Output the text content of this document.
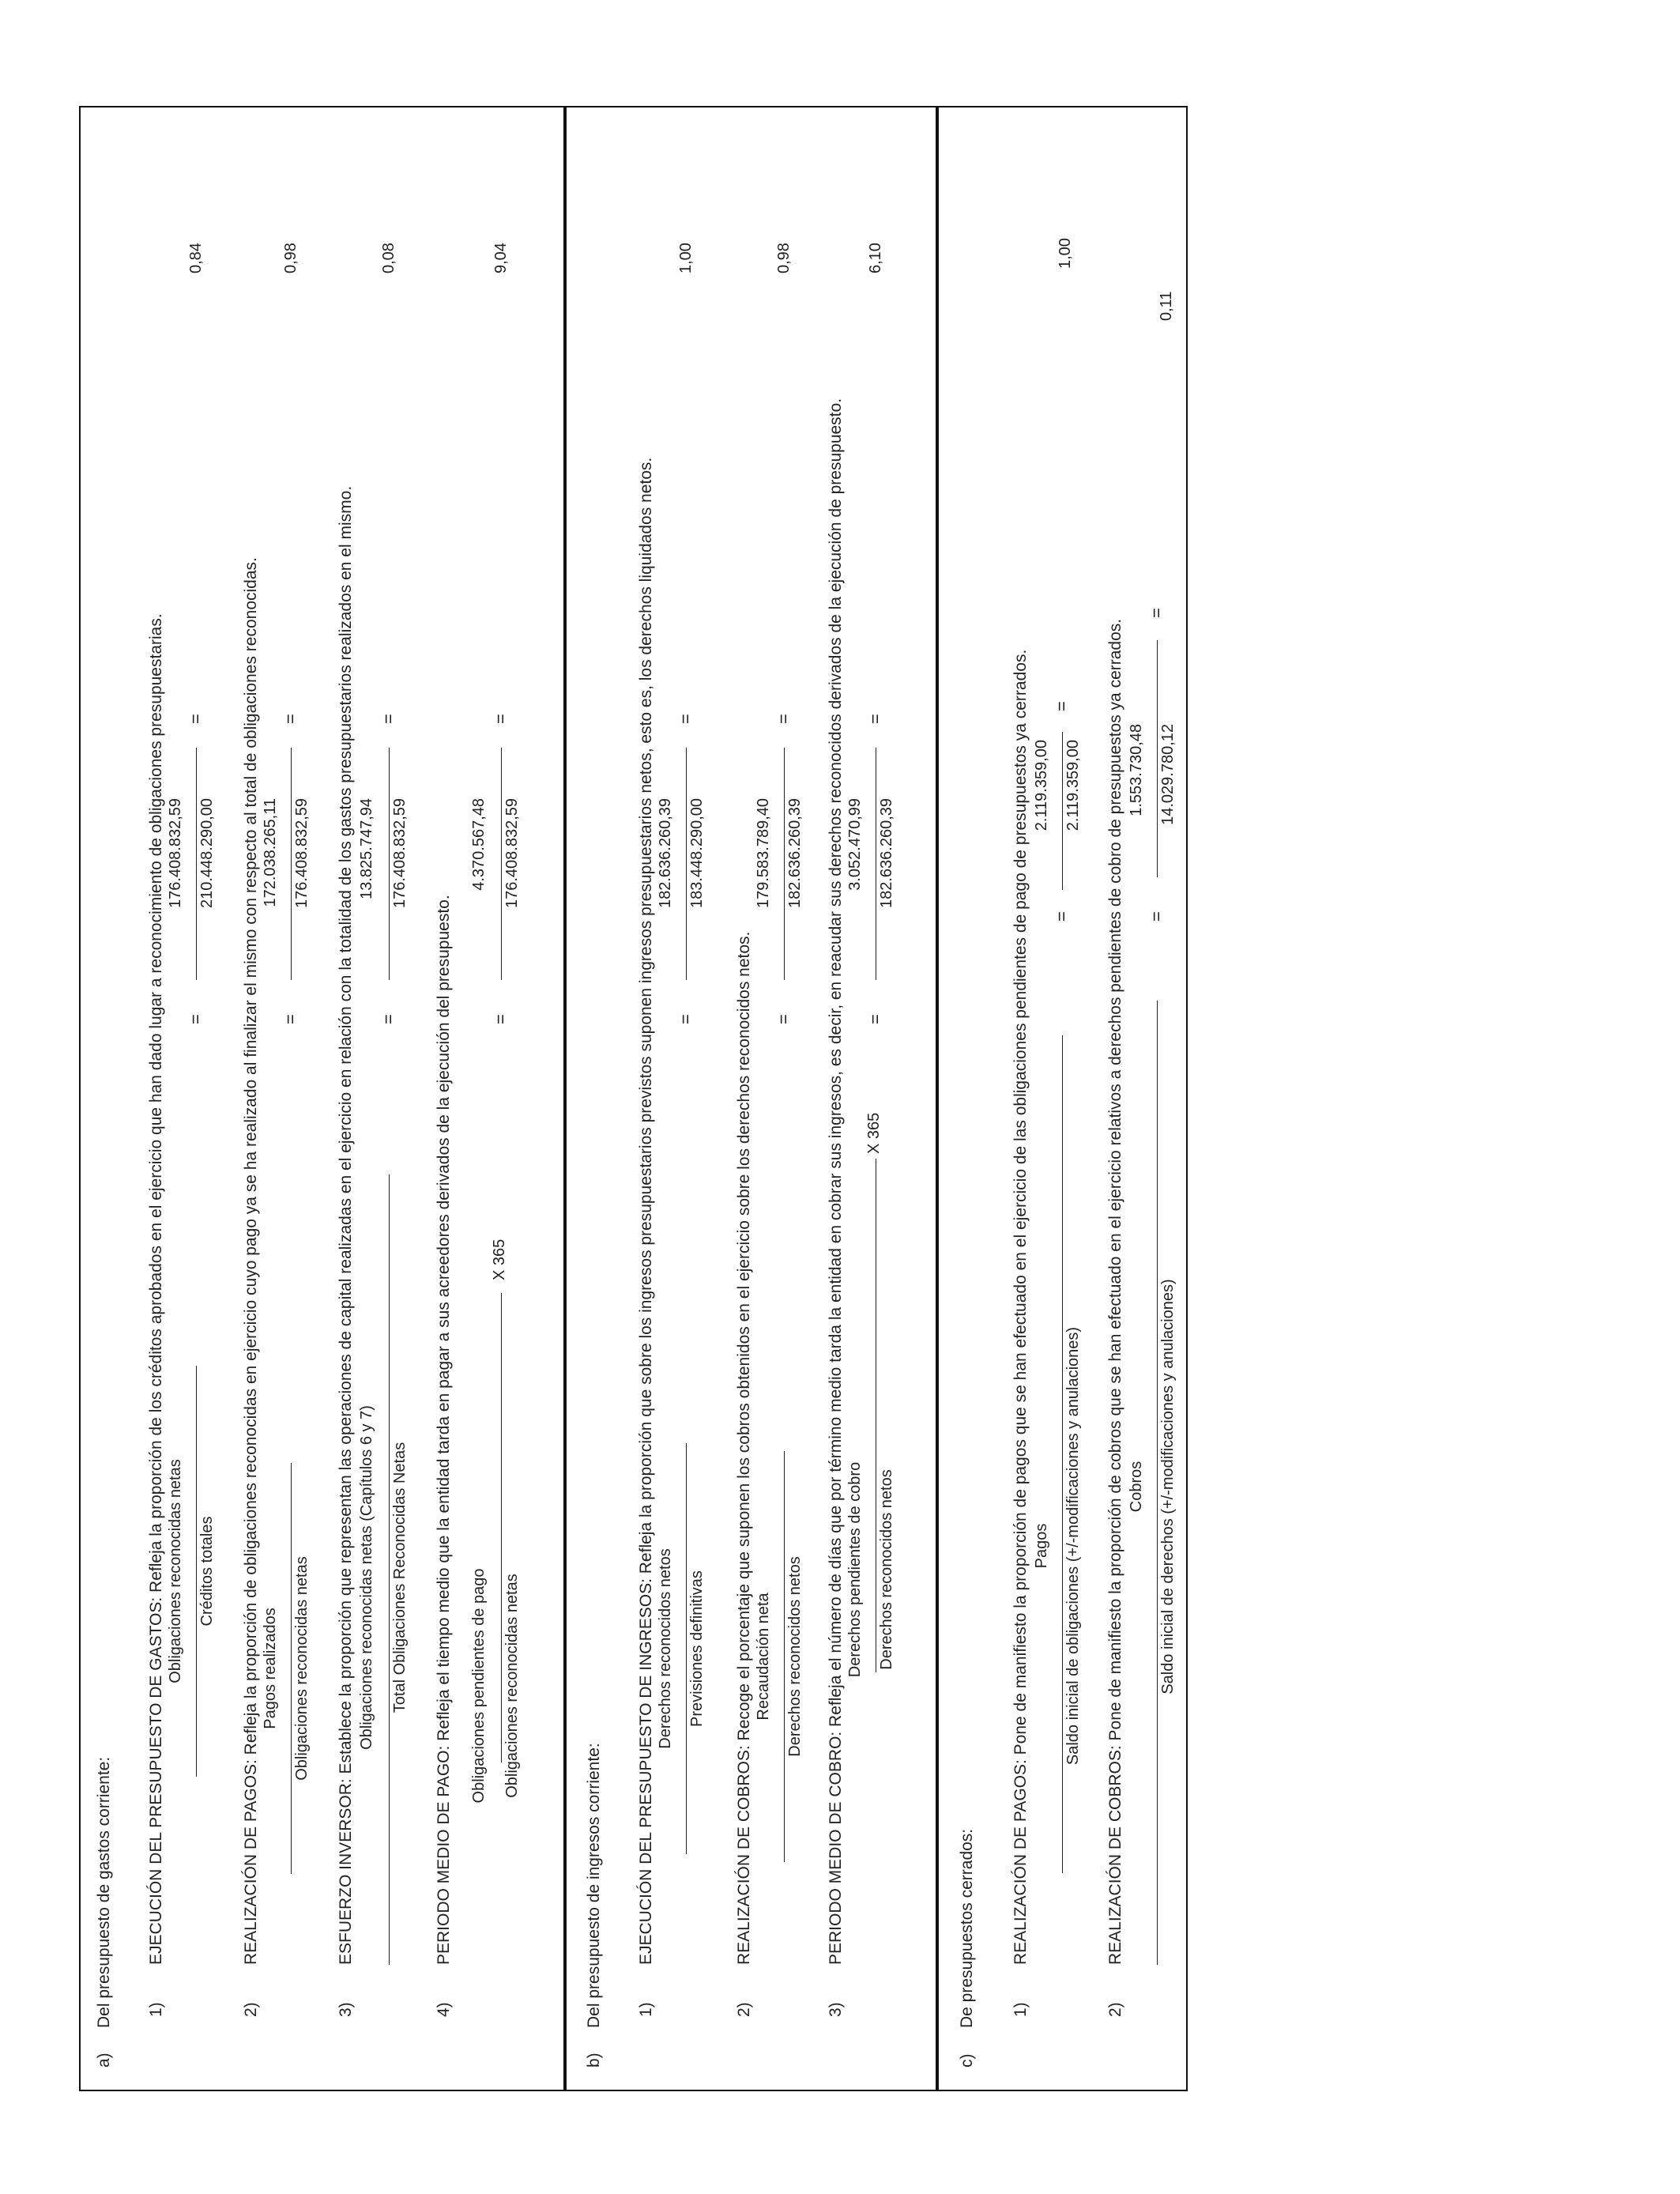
a)
Del presupuesto de gastos corriente: 1)
EJECUCIÓN DEL PRESUPUESTO DE GASTOS: Refleja la proporción de los créditos aprobados en el ejercicio que han dado lugar a reconocimiento de obligaciones presupuestarias. Obligaciones reconocidas netas Créditos totales
=
176.408.832,59 210.448.290,00
=
0,84
2)
REALIZACIÓN DE PAGOS: Refleja la proporción de obligaciones reconocidas en ejercicio cuyo pago ya se ha realizado al finalizar el mismo con respecto al total de obligaciones reconocidas. Pagos realizados Obligaciones reconocidas netas
=
172.038.265,11 176.408.832,59
=
0,98
3)
ESFUERZO INVERSOR: Establece la proporción que representan las operaciones de capital realizadas en el ejercicio en relación con la totalidad de los gastos presupuestarios realizados en el mismo. Obligaciones reconocidas netas (Capítulos 6 y 7) Total Obligaciones Reconocidas Netas
=
13.825.747,94 176.408.832,59
=
0,08
4)
PERIODO MEDIO DE PAGO: Refleja el tiempo medio que la entidad tarda en pagar a sus acreedores derivados de la ejecución del presupuesto. Obligaciones pendientes de pago Obligaciones reconocidas netas
X 365
=
4.370.567,48 176.408.832,59
=
9,04
b)
Del presupuesto de ingresos corriente: 1)
EJECUCIÓN DEL PRESUPUESTO DE INGRESOS: Refleja la proporción que sobre los ingresos presupuestarios previstos suponen ingresos presupuestarios netos, esto es, los derechos liquidados netos. Derechos reconocidos netos Previsiones definitivas
=
182.636.260,39 183.448.290,00
=
1,00
2)
REALIZACIÓN DE COBROS: Recoge el porcentaje que suponen los cobros obtenidos en el ejercicio sobre los derechos reconocidos netos. Recaudación neta Derechos reconocidos netos
=
179.583.789,40 182.636.260,39
=
0,98
3)
PERIODO MEDIO DE COBRO: Refleja el número de días que por término medio tarda la entidad en cobrar sus ingresos, es decir, en reacudar sus derechos reconocidos derivados de la ejecución de presupuesto. Derechos pendientes de cobro Derechos reconocidos netos
X 365
=
3.052.470,99 182.636.260,39
=
6,10
c)
De presupuestos cerrados: 1)
REALIZACIÓN DE PAGOS: Pone de manifiesto la proporción de pagos que se han efectuado en el ejercicio de las obligaciones pendientes de pago de presupuestos ya cerrados. Pagos Saldo inicial de obligaciones (+/-modificaciones y anulaciones)
=
2.119.359,00 2.119.359,00
=
1,00
2)
REALIZACIÓN DE COBROS: Pone de manifiesto la proporción de cobros que se han efectuado en el ejercicio relativos a derechos pendientes de cobro de presupuestos ya cerrados. Cobros Saldo inicial de derechos (+/-modificaciones y anulaciones)
=
1.553.730,48 14.029.780,12
=
0,11
